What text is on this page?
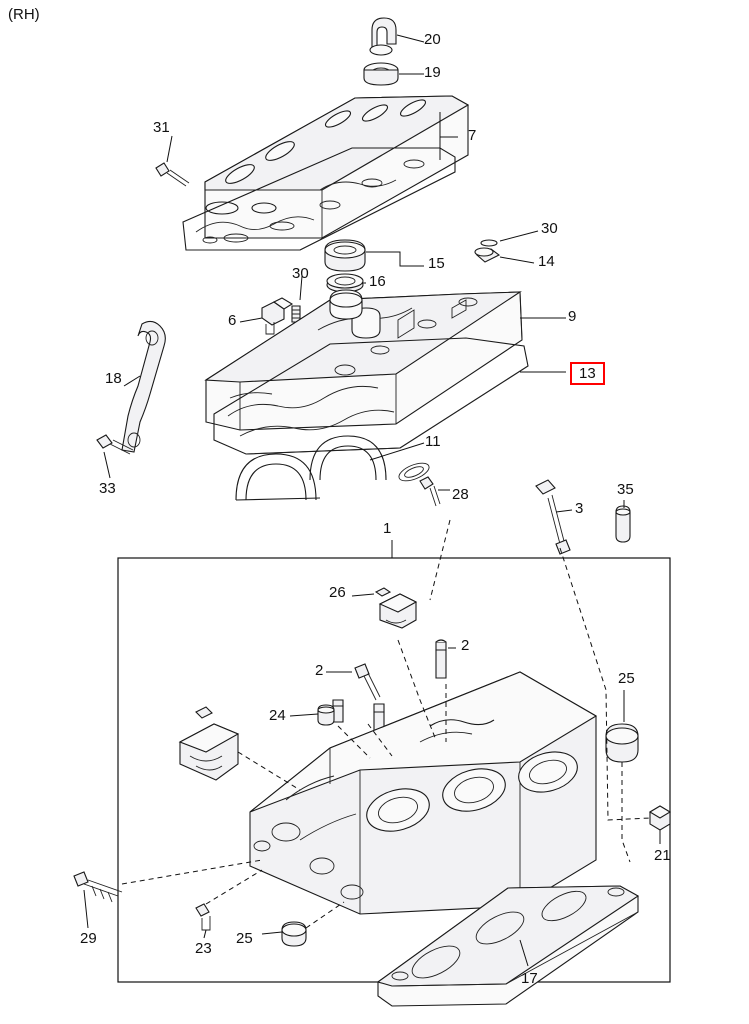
(RH)
20
19
31	7
30
14
15
30	16
9
6
18	13
11
33	28
3
35
1
26
2
2	25
24
21
29
23
25
17
